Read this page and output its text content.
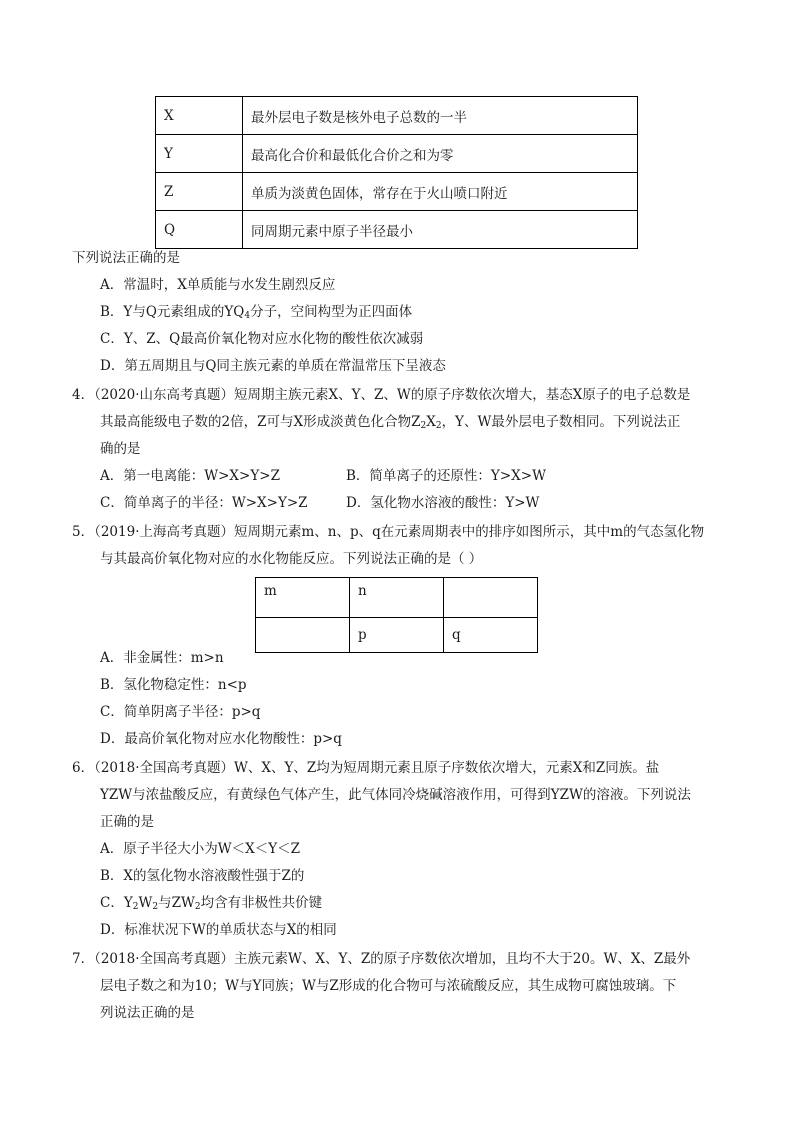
X	最外层电子数是核外电子总数的一半
Y	最高化合价和最低化合价之和为零
Z	单质为淡黄色固体，常存在于火山喷口附近
Q	同周期元素中原子半径最小
下列说法正确的是
A．常温时，X单质能与水发生剧烈反应
B．Y与Q元素组成的$YQ_4$分子，空间构型为正四面体
C．Y、Z、Q最高价氧化物对应水化物的酸性依次减弱
D．第五周期且与Q同主族元素的单质在常温常压下呈液态
4．（2020·山东高考真题）短周期主族元素X、Y、Z、W的原子序数依次增大，基态X原子的电子总数是
其最高能级电子数的2倍，Z可与X形成淡黄色化合物$Z_2X_2$，Y、W最外层电子数相同。下列说法正
确的是
A．第一电离能：W>X>Y>Z	B．简单离子的还原性：Y>X>W
C．简单离子的半径：W>X>Y>Z	D．氢化物水溶液的酸性：Y>W
5．（2019·上海高考真题）短周期元素m、n、p、q在元素周期表中的排序如图所示，其中m的气态氢化物
与其最高价氧化物对应的水化物能反应。下列说法正确的是（ ）
m	n	
	p	q
A．非金属性：m>n
B．氢化物稳定性：n<p
C．简单阴离子半径：p>q
D．最高价氧化物对应水化物酸性：p>q
6．（2018·全国高考真题）W、X、Y、Z均为短周期元素且原子序数依次增大，元素X和Z同族。盐
YZW与浓盐酸反应，有黄绿色气体产生，此气体同冷烧碱溶液作用，可得到YZW的溶液。下列说法
正确的是
A．原子半径大小为W＜X＜Y＜Z
B．X的氢化物水溶液酸性强于Z的
C．$Y_2W_2$与$ZW_2$均含有非极性共价键
D．标准状况下W的单质状态与X的相同
7．（2018·全国高考真题）主族元素W、X、Y、Z的原子序数依次增加，且均不大于20。W、X、Z最外
层电子数之和为10；W与Y同族；W与Z形成的化合物可与浓硫酸反应，其生成物可腐蚀玻璃。下
列说法正确的是
